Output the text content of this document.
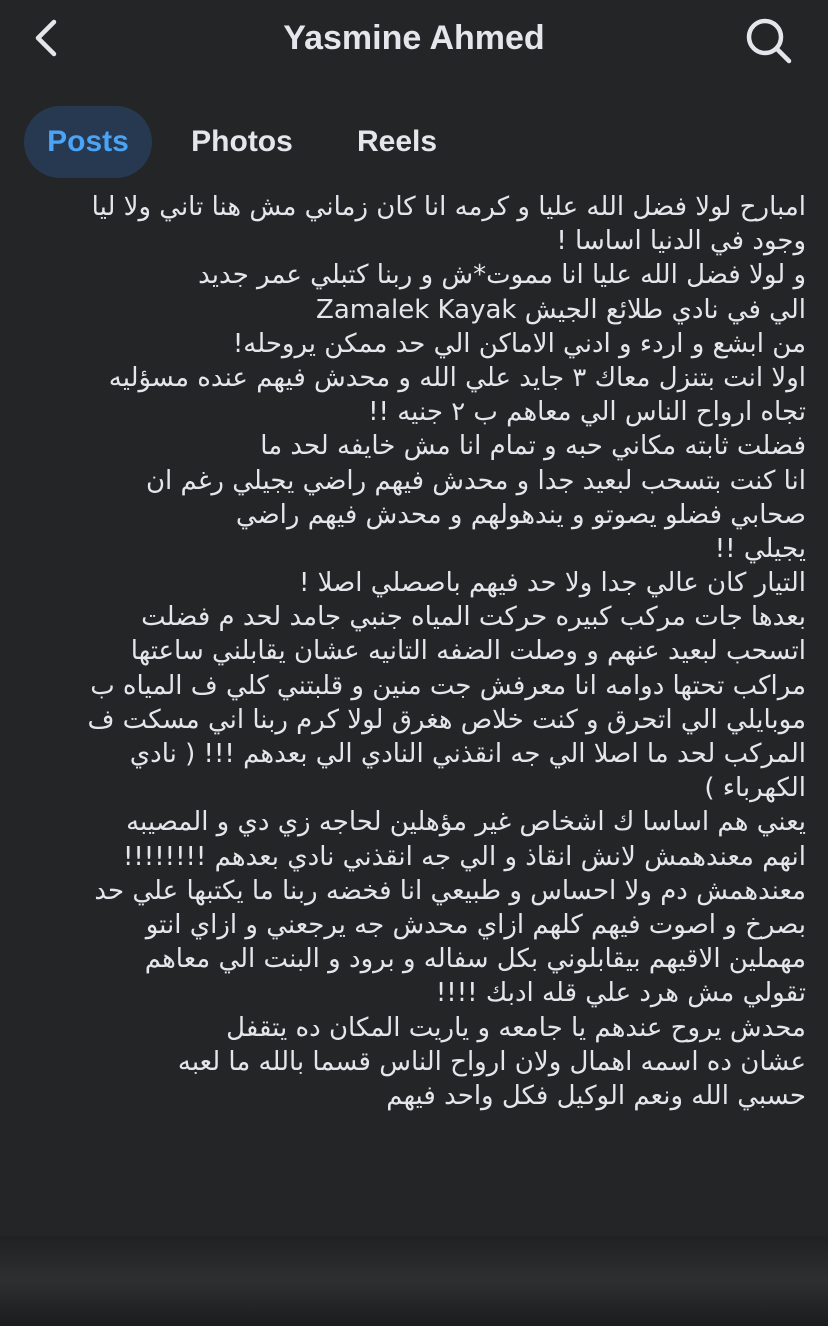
Yasmine Ahmed
Posts	Photos	Reels
امبارح لولا فضل الله عليا و كرمه انا كان زماني مش هنا تاني ولا ليا
وجود في الدنيا اساسا !
و لولا فضل الله عليا انا مموت*ش و ربنا كتبلي عمر جديد
الي في نادي طلائع الجيش Zamalek Kayak
من ابشع و اردء و ادني الاماكن الي حد ممكن يروحله!
اولا انت بتنزل معاك ٣ جايد علي الله و محدش فيهم عنده مسؤليه
تجاه ارواح الناس الي معاهم ب ٢ جنيه !!
فضلت ثابته مكاني حبه و تمام انا مش خايفه لحد ما
انا كنت بتسحب لبعيد جدا و محدش فيهم راضي يجيلي رغم ان
صحابي فضلو يصوتو و يندهولهم و محدش فيهم راضي
يجيلي !!
التيار كان عالي جدا ولا حد فيهم باصصلي اصلا !
بعدها جات مركب كبيره حركت المياه جنبي جامد لحد م فضلت
اتسحب لبعيد عنهم و وصلت الضفه التانيه عشان يقابلني ساعتها
مراكب تحتها دوامه انا معرفش جت منين و قلبتني كلي ف المياه ب
موبايلي الي اتحرق و كنت خلاص هغرق لولا كرم ربنا اني مسكت ف
المركب لحد ما اصلا الي جه انقذني النادي الي بعدهم !!! ( نادي
الكهرباء )
يعني هم اساسا ك اشخاص غير مؤهلين لحاجه زي دي و المصيبه
انهم معندهمش لانش انقاذ و الي جه انقذني نادي بعدهم !!!!!!!!
معندهمش دم ولا احساس و طبيعي انا فخضه ربنا ما يكتبها علي حد
بصرخ و اصوت فيهم كلهم ازاي محدش جه يرجعني و ازاي انتو
مهملين الاقيهم بيقابلوني بكل سفاله و برود و البنت الي معاهم
تقولي مش هرد علي قله ادبك !!!!
محدش يروح عندهم يا جامعه و ياريت المكان ده يتقفل
عشان ده اسمه اهمال ولان ارواح الناس قسما بالله ما لعبه
حسبي الله ونعم الوكيل فكل واحد فيهم
